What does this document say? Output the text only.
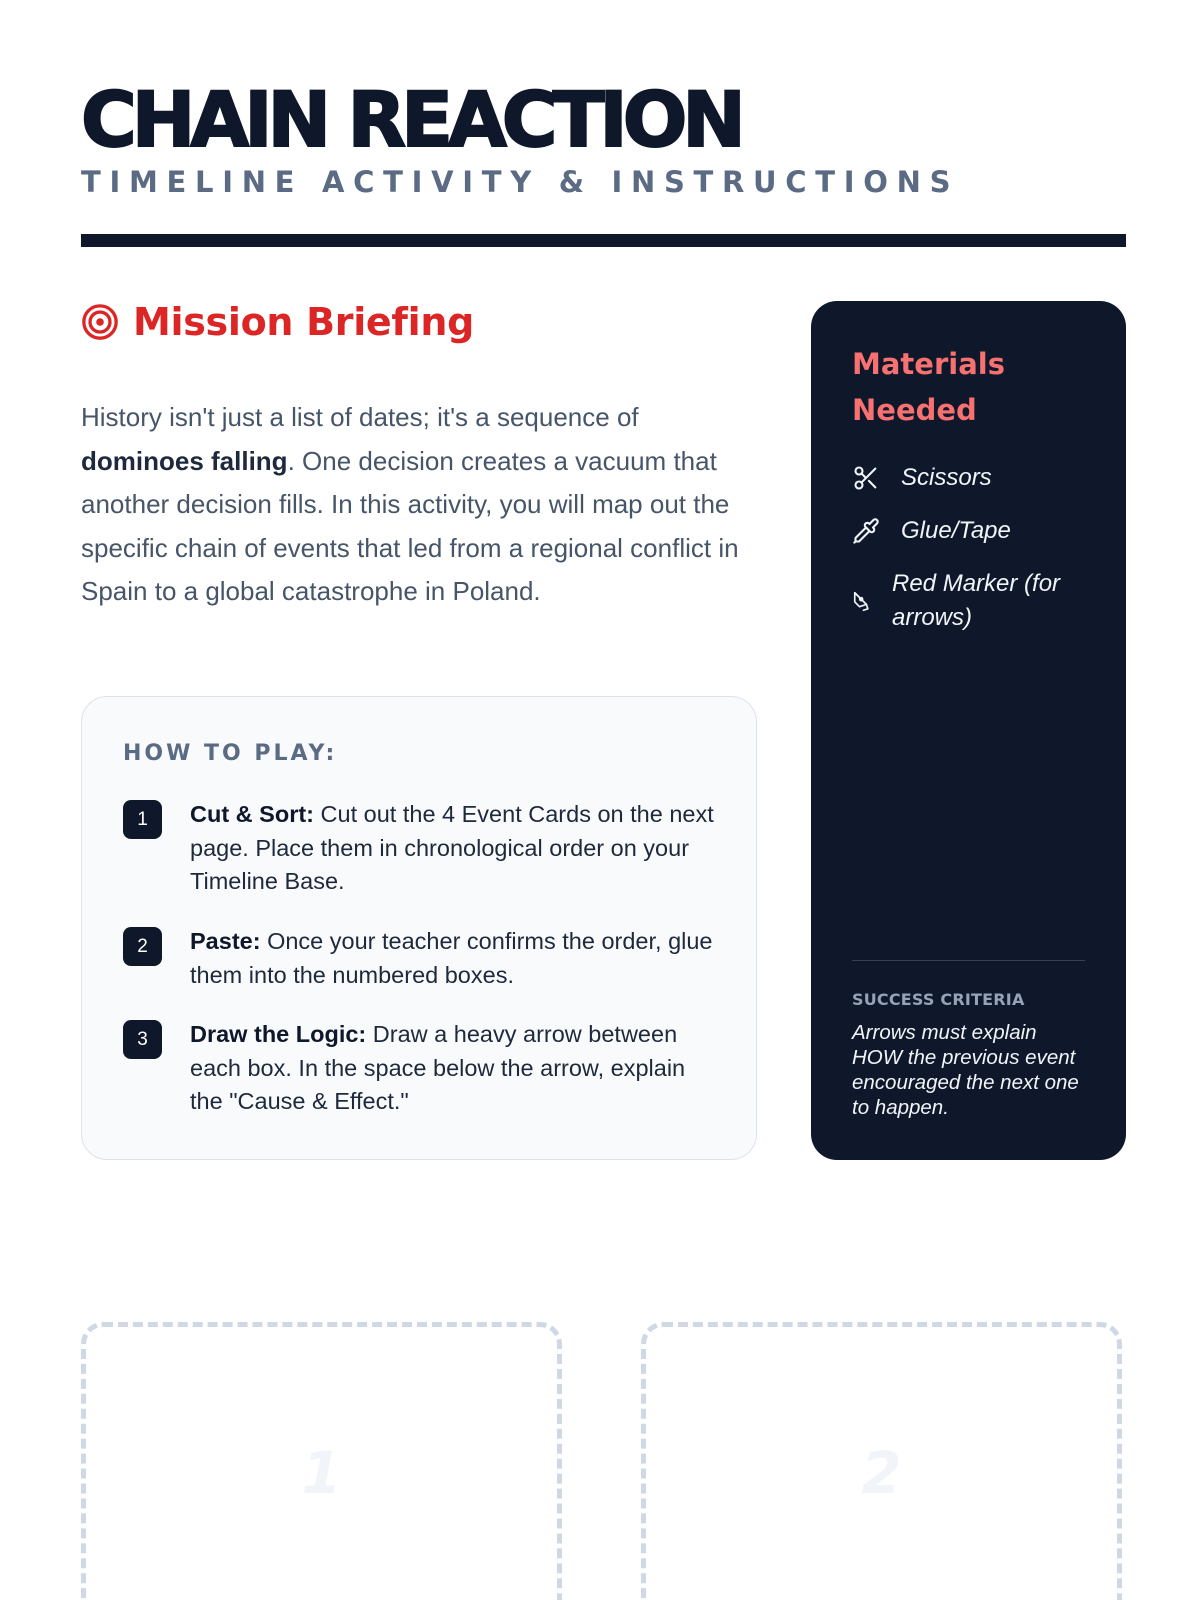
CHAIN REACTION
TIMELINE ACTIVITY & INSTRUCTIONS
Mission Briefing

History isn't just a list of dates; it's a sequence of dominoes falling. One decision creates a vacuum that another decision fills. In this activity, you will map out the specific chain of events that led from a regional conflict in Spain to a global catastrophe in Poland.

HOW TO PLAY:
1	Cut & Sort: Cut out the 4 Event Cards on the next page. Place them in chronological order on your Timeline Base.
2	Paste: Once your teacher confirms the order, glue them into the numbered boxes.
3	Draw the Logic: Draw a heavy arrow between each box. In the space below the arrow, explain the "Cause & Effect."
Materials Needed
Scissors
Glue/Tape
Red Marker (for arrows)
SUCCESS CRITERIA
Arrows must explain HOW the previous event encouraged the next one to happen.
1	2
